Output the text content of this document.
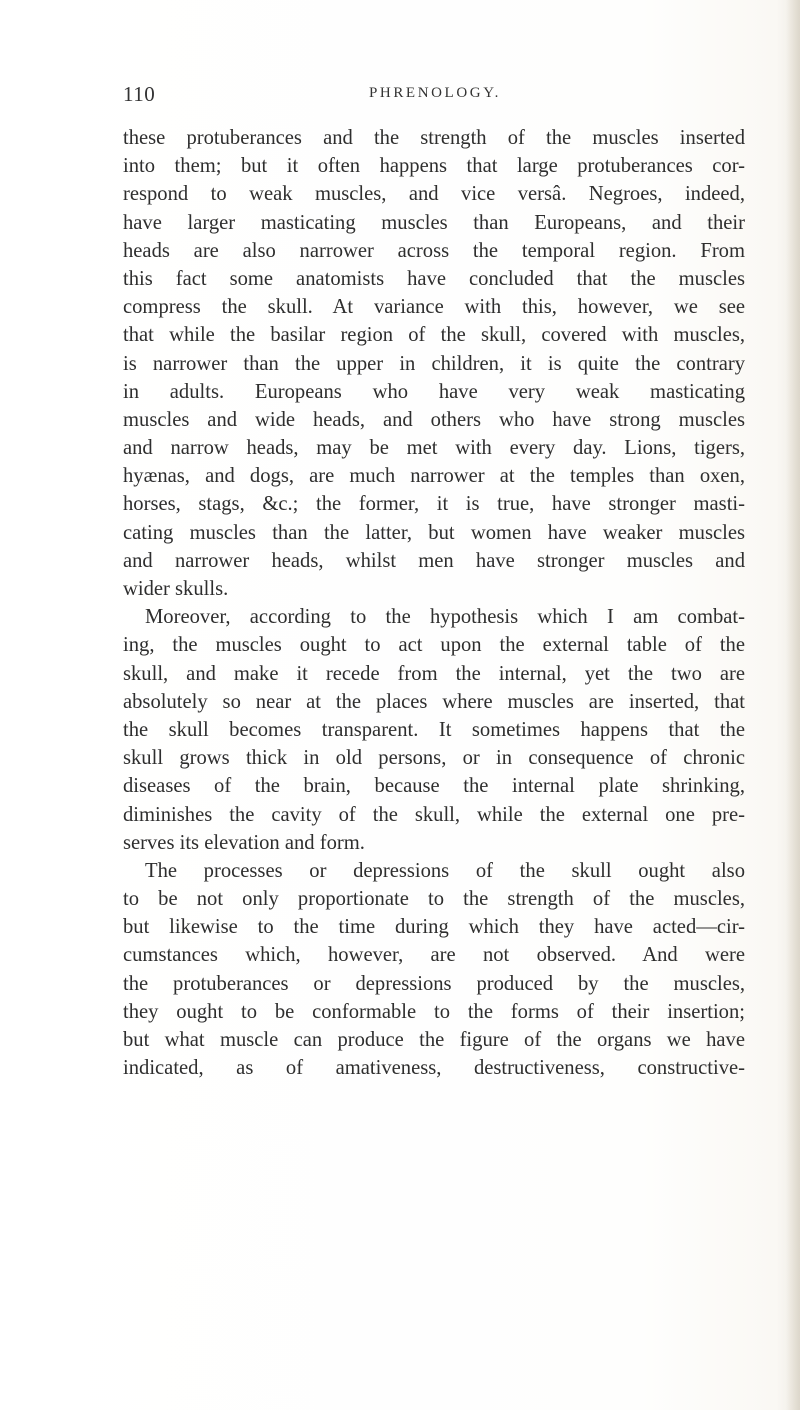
110	PHRENOLOGY.
these protuberances and the strength of the muscles inserted
into them; but it often happens that large protuberances cor-
respond to weak muscles, and vice versâ. Negroes, indeed,
have larger masticating muscles than Europeans, and their
heads are also narrower across the temporal region. From
this fact some anatomists have concluded that the muscles
compress the skull. At variance with this, however, we see
that while the basilar region of the skull, covered with muscles,
is narrower than the upper in children, it is quite the contrary
in adults. Europeans who have very weak masticating
muscles and wide heads, and others who have strong muscles
and narrow heads, may be met with every day. Lions, tigers,
hyænas, and dogs, are much narrower at the temples than oxen,
horses, stags, &c.; the former, it is true, have stronger masti-
cating muscles than the latter, but women have weaker muscles
and narrower heads, whilst men have stronger muscles and
wider skulls.
Moreover, according to the hypothesis which I am combat-
ing, the muscles ought to act upon the external table of the
skull, and make it recede from the internal, yet the two are
absolutely so near at the places where muscles are inserted, that
the skull becomes transparent. It sometimes happens that the
skull grows thick in old persons, or in consequence of chronic
diseases of the brain, because the internal plate shrinking,
diminishes the cavity of the skull, while the external one pre-
serves its elevation and form.
The processes or depressions of the skull ought also
to be not only proportionate to the strength of the muscles,
but likewise to the time during which they have acted—cir-
cumstances which, however, are not observed. And were
the protuberances or depressions produced by the muscles,
they ought to be conformable to the forms of their insertion;
but what muscle can produce the figure of the organs we have
indicated, as of amativeness, destructiveness, constructive-
